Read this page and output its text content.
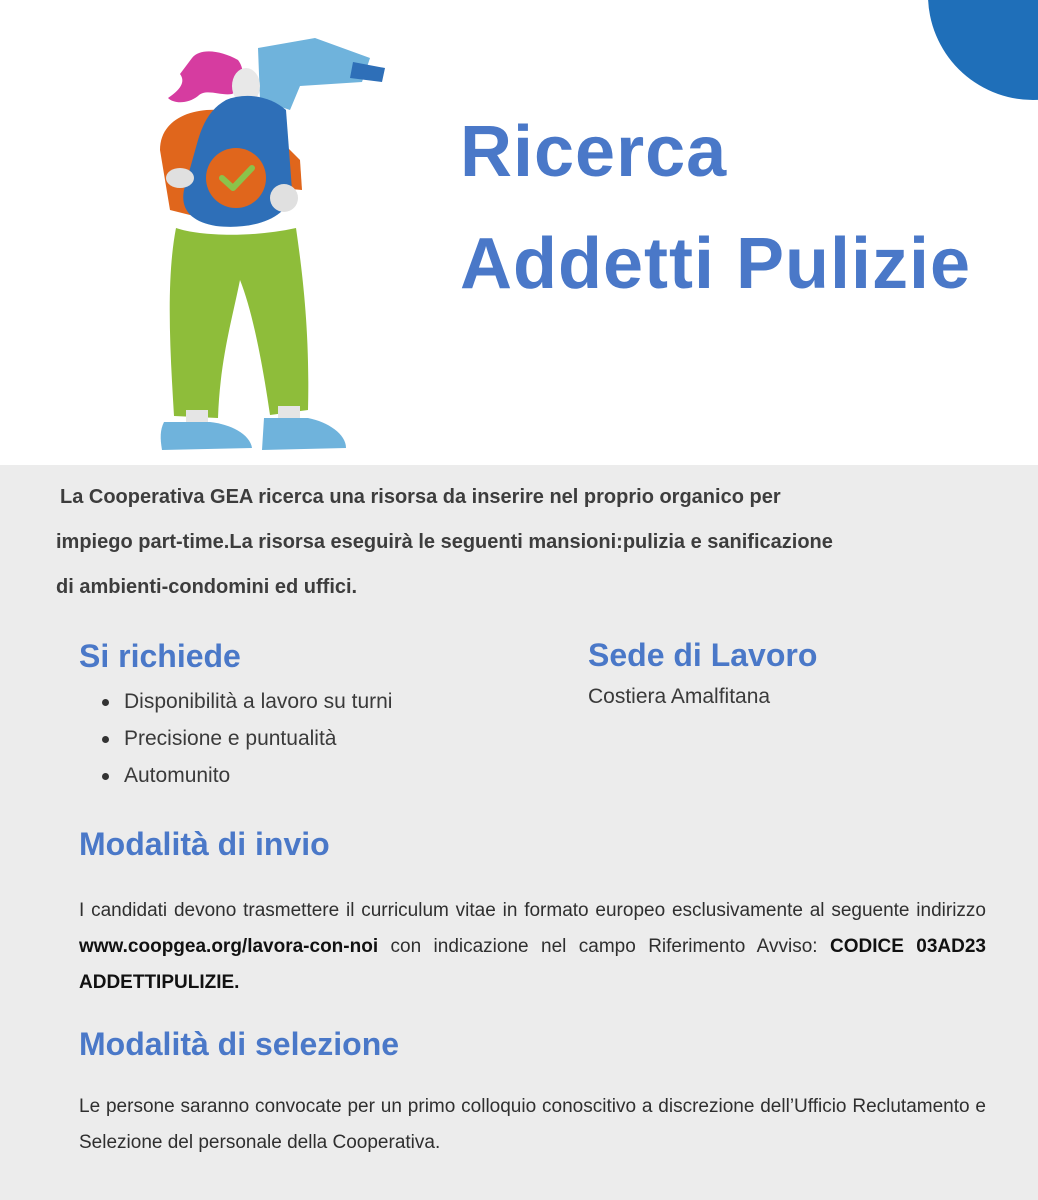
Ricerca
Addetti Pulizie

La Cooperativa GEA ricerca una risorsa da inserire nel proprio organico per

impiego part-time.La risorsa eseguirà le seguenti mansioni:pulizia e sanificazione

di ambienti-condomini ed uffici.

Si richiede
Disponibilità a lavoro su turni
Precisione e puntualità
Automunito
Sede di Lavoro
Costiera Amalfitana
Modalità di invio

I candidati devono trasmettere il curriculum vitae in formato europeo esclusivamente al seguente indirizzo www.coopgea.org/lavora-con-noi con indicazione nel campo Riferimento Avviso: CODICE 03AD23 ADDETTIPULIZIE.

Modalità di selezione

Le persone saranno convocate per un primo colloquio conoscitivo a discrezione dell’Ufficio Reclutamento e Selezione del personale della Cooperativa.
